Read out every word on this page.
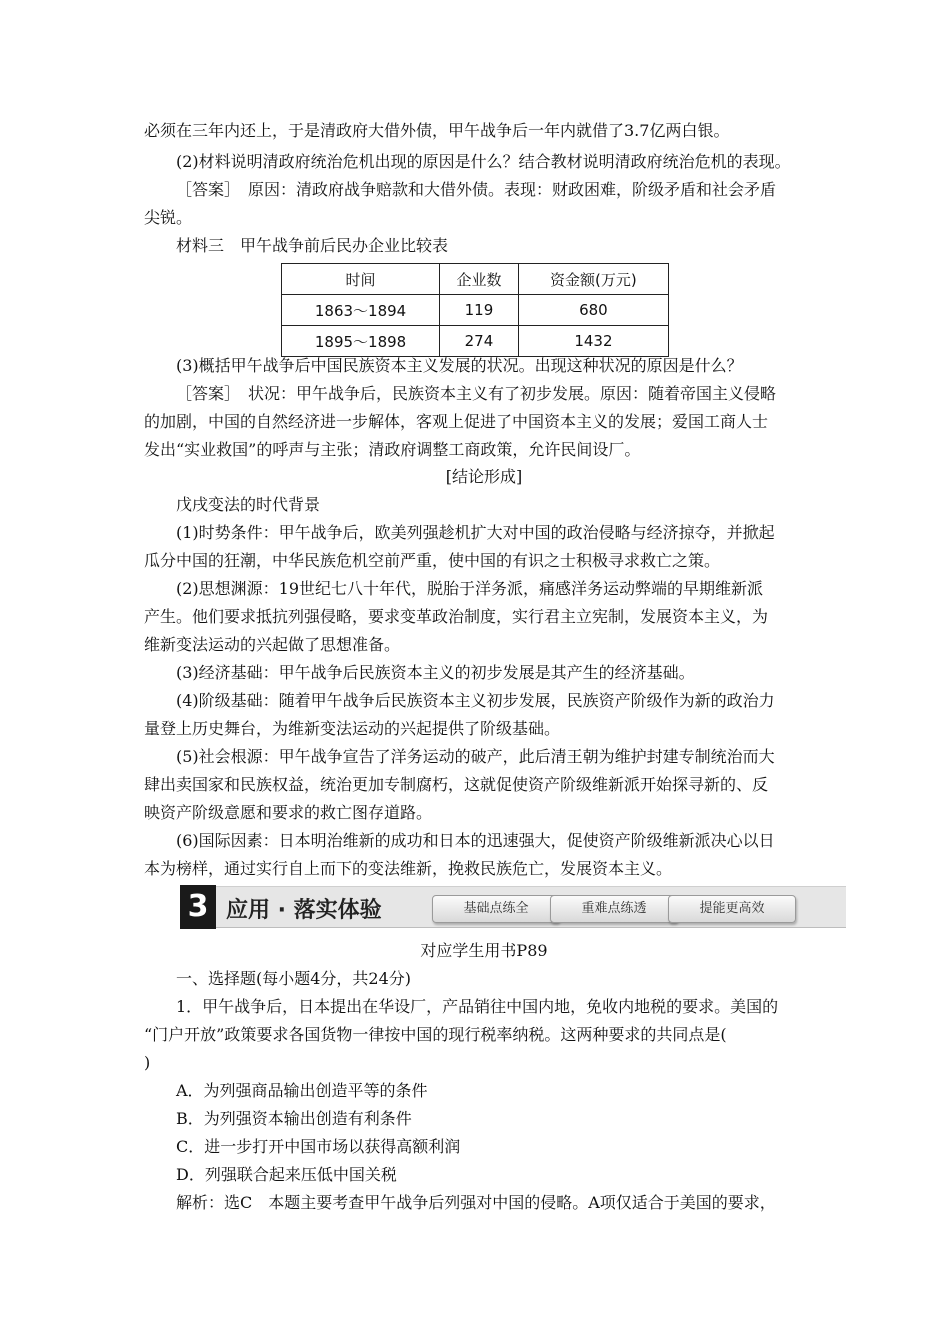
必须在三年内还上，于是清政府大借外债，甲午战争后一年内就借了3.7亿两白银。
(2)材料说明清政府统治危机出现的原因是什么？结合教材说明清政府统治危机的表现。
［答案］　原因：清政府战争赔款和大借外债。表现：财政困难，阶级矛盾和社会矛盾
尖锐。
材料三　甲午战争前后民办企业比较表
时间	企业数	资金额(万元)
1863～1894	119	680
1895～1898	274	1432
(3)概括甲午战争后中国民族资本主义发展的状况。出现这种状况的原因是什么？
［答案］　状况：甲午战争后，民族资本主义有了初步发展。原因：随着帝国主义侵略
的加剧，中国的自然经济进一步解体，客观上促进了中国资本主义的发展；爱国工商人士
发出“实业救国”的呼声与主张；清政府调整工商政策，允许民间设厂。
[结论形成]
戊戌变法的时代背景
(1)时势条件：甲午战争后，欧美列强趁机扩大对中国的政治侵略与经济掠夺，并掀起
瓜分中国的狂潮，中华民族危机空前严重，使中国的有识之士积极寻求救亡之策。
(2)思想渊源：19世纪七八十年代，脱胎于洋务派，痛感洋务运动弊端的早期维新派
产生。他们要求抵抗列强侵略，要求变革政治制度，实行君主立宪制，发展资本主义，为
维新变法运动的兴起做了思想准备。
(3)经济基础：甲午战争后民族资本主义的初步发展是其产生的经济基础。
(4)阶级基础：随着甲午战争后民族资本主义初步发展，民族资产阶级作为新的政治力
量登上历史舞台，为维新变法运动的兴起提供了阶级基础。
(5)社会根源：甲午战争宣告了洋务运动的破产，此后清王朝为维护封建专制统治而大
肆出卖国家和民族权益，统治更加专制腐朽，这就促使资产阶级维新派开始探寻新的、反
映资产阶级意愿和要求的救亡图存道路。
(6)国际因素：日本明治维新的成功和日本的迅速强大，促使资产阶级维新派决心以日
本为榜样，通过实行自上而下的变法维新，挽救民族危亡，发展资本主义。
3 应用 · 落实体验	基础点练全	重难点练透	提能更高效
对应学生用书P89
一、选择题(每小题4分，共24分)
1．甲午战争后，日本提出在华设厂，产品销往中国内地，免收内地税的要求。美国的
“门户开放”政策要求各国货物一律按中国的现行税率纳税。这两种要求的共同点是(
)
A．为列强商品输出创造平等的条件
B．为列强资本输出创造有利条件
C．进一步打开中国市场以获得高额利润
D．列强联合起来压低中国关税
解析：选C　本题主要考查甲午战争后列强对中国的侵略。A项仅适合于美国的要求，
